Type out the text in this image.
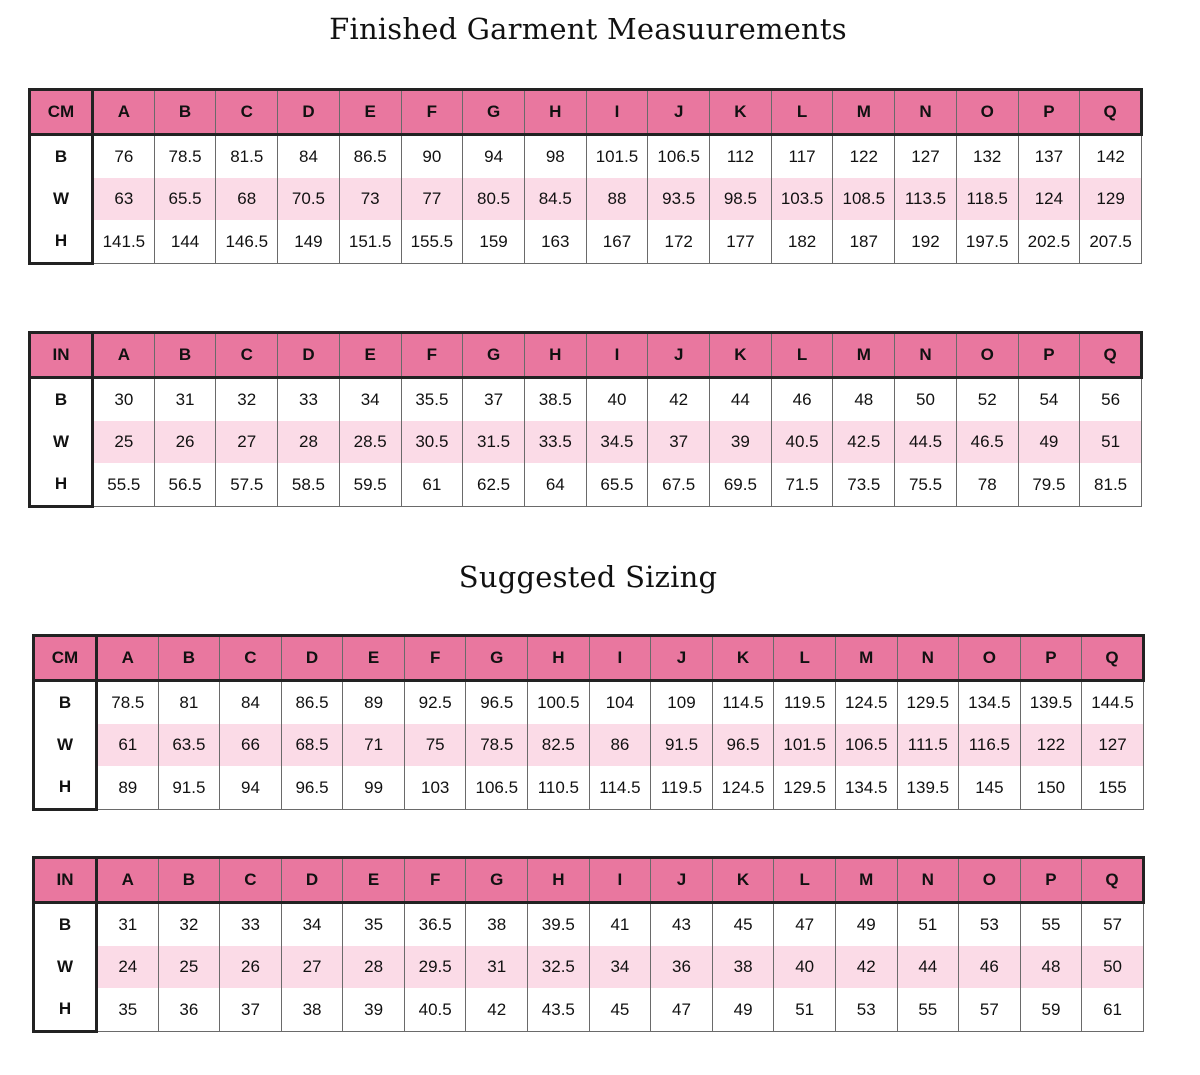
Finished Garment Measuurements
Suggested Sizing
CM	A	B	C	D	E	F	G	H	I	J	K	L	M	N	O	P	Q
B	76	78.5	81.5	84	86.5	90	94	98	101.5	106.5	112	117	122	127	132	137	142
W	63	65.5	68	70.5	73	77	80.5	84.5	88	93.5	98.5	103.5	108.5	113.5	118.5	124	129
H	141.5	144	146.5	149	151.5	155.5	159	163	167	172	177	182	187	192	197.5	202.5	207.5
IN	A	B	C	D	E	F	G	H	I	J	K	L	M	N	O	P	Q
B	30	31	32	33	34	35.5	37	38.5	40	42	44	46	48	50	52	54	56
W	25	26	27	28	28.5	30.5	31.5	33.5	34.5	37	39	40.5	42.5	44.5	46.5	49	51
H	55.5	56.5	57.5	58.5	59.5	61	62.5	64	65.5	67.5	69.5	71.5	73.5	75.5	78	79.5	81.5
CM	A	B	C	D	E	F	G	H	I	J	K	L	M	N	O	P	Q
B	78.5	81	84	86.5	89	92.5	96.5	100.5	104	109	114.5	119.5	124.5	129.5	134.5	139.5	144.5
W	61	63.5	66	68.5	71	75	78.5	82.5	86	91.5	96.5	101.5	106.5	111.5	116.5	122	127
H	89	91.5	94	96.5	99	103	106.5	110.5	114.5	119.5	124.5	129.5	134.5	139.5	145	150	155
IN	A	B	C	D	E	F	G	H	I	J	K	L	M	N	O	P	Q
B	31	32	33	34	35	36.5	38	39.5	41	43	45	47	49	51	53	55	57
W	24	25	26	27	28	29.5	31	32.5	34	36	38	40	42	44	46	48	50
H	35	36	37	38	39	40.5	42	43.5	45	47	49	51	53	55	57	59	61
